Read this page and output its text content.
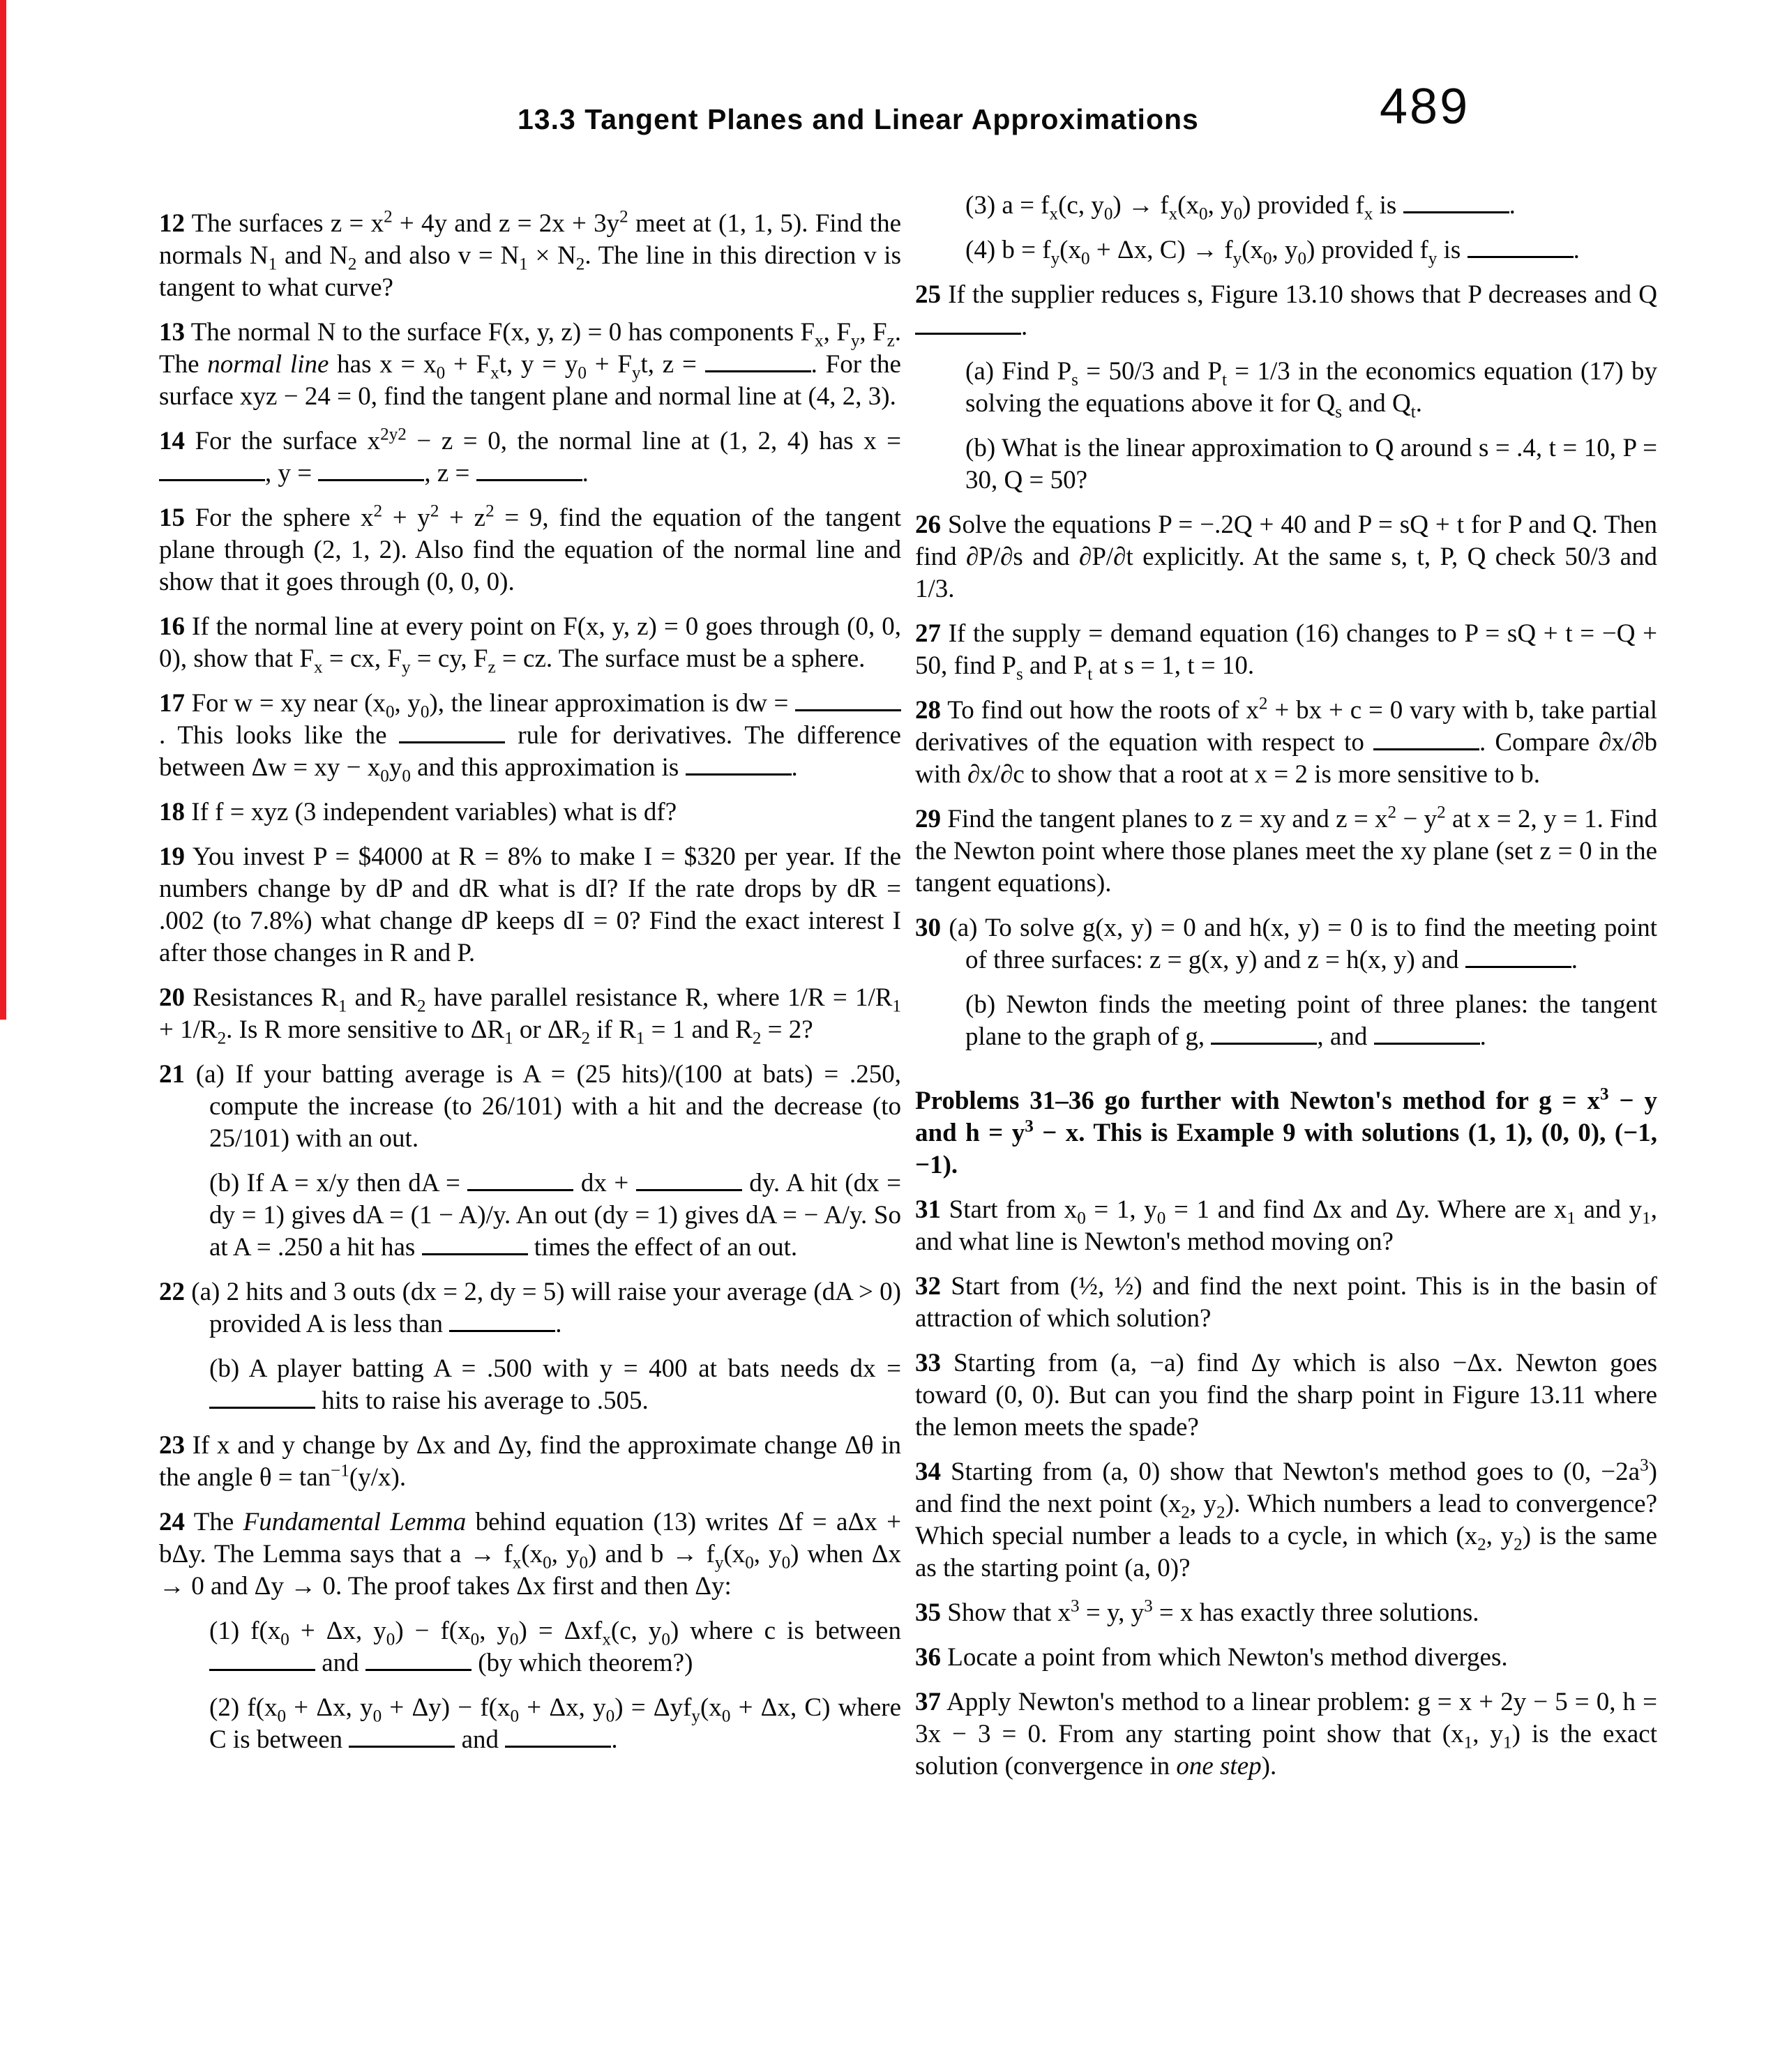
13.3 Tangent Planes and Linear Approximations	489

12 The surfaces $z = x^2 + 4y$ and $z = 2x + 3y^2$ meet at (1, 1, 5). Find the normals $N_1$ and $N_2$ and also $v = N_1 \times N_2$. The line in this direction v is tangent to what curve?

13 The normal N to the surface F(x, y, z) = 0 has components $F_x$, $F_y$, $F_z$. The normal line has $x = x_0 + F_xt$, $y = y_0 + F_yt$, z =	. For the surface xyz − 24 = 0, find the tangent plane and normal line at (4, 2, 3).

14 For the surface $x^{2y2} - z = 0$, the normal line at (1, 2, 4) has x = , y =	, z =	.

15 For the sphere $x^2 + y^2 + z^2 = 9$, find the equation of the tangent plane through (2, 1, 2). Also find the equation of the normal line and show that it goes through (0, 0, 0).

16 If the normal line at every point on F(x, y, z) = 0 goes through (0, 0, 0), show that $F_x$ = cx, $F_y$ = cy, $F_z$ = cz. The surface must be a sphere.

17 For w = xy near ($x_0$, $y_0$), the linear approximation is dw = . This looks like the	rule for derivatives. The difference between Δw = xy − $x_0y_0$ and this approximation is	.

18 If f = xyz (3 independent variables) what is df?

19 You invest P = $4000 at R = 8% to make I = $320 per year. If the numbers change by dP and dR what is dI? If the rate drops by dR = .002 (to 7.8%) what change dP keeps dI = 0? Find the exact interest I after those changes in R and P.

20 Resistances $R_1$ and $R_2$ have parallel resistance R, where $1/R = 1/R_1 + 1/R_2$. Is R more sensitive to $\Delta R_1$ or $\Delta R_2$ if $R_1 = 1$ and $R_2 = 2$?

21 (a) If your batting average is A = (25 hits)/(100 at bats) = .250, compute the increase (to 26/101) with a hit and the decrease (to 25/101) with an out.

(b) If A = x/y then dA =	dx +	dy. A hit (dx = dy = 1) gives dA = (1 − A)/y. An out (dy = 1) gives dA = − A/y. So at A = .250 a hit has	times the effect of an out.

22 (a) 2 hits and 3 outs (dx = 2, dy = 5) will raise your average (dA > 0) provided A is less than	.

(b) A player batting A = .500 with y = 400 at bats needs dx =  hits to raise his average to .505.

23 If x and y change by Δx and Δy, find the approximate change Δθ in the angle $\theta = \tan^{-1}(y/x)$.

24 The Fundamental Lemma behind equation (13) writes Δf = aΔx + bΔy. The Lemma says that $a \to f_x(x_0$, $y_0$) and $b \to f_y(x_0$, $y_0$) when Δx → 0 and Δy → 0. The proof takes Δx first and then Δy:

(1) $f(x_0 + \Delta x$, $y_0) - f(x_0$, $y_0) = \Delta xf_x(c$, $y_0$) where c is between  and	(by which theorem?)

(2) $f(x_0 + \Delta x$, $y_0 + \Delta y) - f(x_0 + \Delta x$, $y_0) = \Delta yf_y(x_0 + \Delta x$, C) where C is between	and	.

(3) $a = f_x(c$, $y_0) \to f_x(x_0$, $y_0$) provided $f_x$ is	.

(4) $b = f_y(x_0 + \Delta x$, $C) \to f_y(x_0$, $y_0$) provided $f_y$ is	.

25 If the supplier reduces s, Figure 13.10 shows that P decreases and Q .

(a) Find $P_s = 50/3$ and $P_t = 1/3$ in the economics equation (17) by solving the equations above it for $Q_s$ and $Q_t$.

(b) What is the linear approximation to Q around s = .4, t = 10, P = 30, Q = 50?

26 Solve the equations P = −.2Q + 40 and P = sQ + t for P and Q. Then find ∂P/∂s and ∂P/∂t explicitly. At the same s, t, P, Q check 50/3 and 1/3.

27 If the supply = demand equation (16) changes to P = sQ + t = −Q + 50, find $P_s$ and $P_t$ at s = 1, t = 10.

28 To find out how the roots of $x^2$ + bx + c = 0 vary with b, take partial derivatives of the equation with respect to	. Compare ∂x/∂b with ∂x/∂c to show that a root at x = 2 is more sensitive to b.

29 Find the tangent planes to z = xy and $z = x^2 - y^2$ at x = 2, y = 1. Find the Newton point where those planes meet the xy plane (set z = 0 in the tangent equations).

30 (a) To solve g(x, y) = 0 and h(x, y) = 0 is to find the meeting point of three surfaces: z = g(x, y) and z = h(x, y) and	.

(b) Newton finds the meeting point of three planes: the tangent plane to the graph of g,	, and	.

Problems 31–36 go further with Newton's method for $g = x^3 - y$ and $h = y^3 - x$. This is Example 9 with solutions (1, 1), (0, 0), (−1, −1).

31 Start from $x_0 = 1$, $y_0 = 1$ and find Δx and Δy. Where are $x_1$ and $y_1$, and what line is Newton's method moving on?

32 Start from (½, ½) and find the next point. This is in the basin of attraction of which solution?

33 Starting from (a, −a) find Δy which is also −Δx. Newton goes toward (0, 0). But can you find the sharp point in Figure 13.11 where the lemon meets the spade?

34 Starting from (a, 0) show that Newton's method goes to (0, $-2a^3$) and find the next point ($x_2$, $y_2$). Which numbers a lead to convergence? Which special number a leads to a cycle, in which ($x_2$, $y_2$) is the same as the starting point (a, 0)?

35 Show that $x^3 = y$, $y^3 = x$ has exactly three solutions.

36 Locate a point from which Newton's method diverges.

37 Apply Newton's method to a linear problem: g = x + 2y − 5 = 0, h = 3x − 3 = 0. From any starting point show that ($x_1$, $y_1$) is the exact solution (convergence in one step).
